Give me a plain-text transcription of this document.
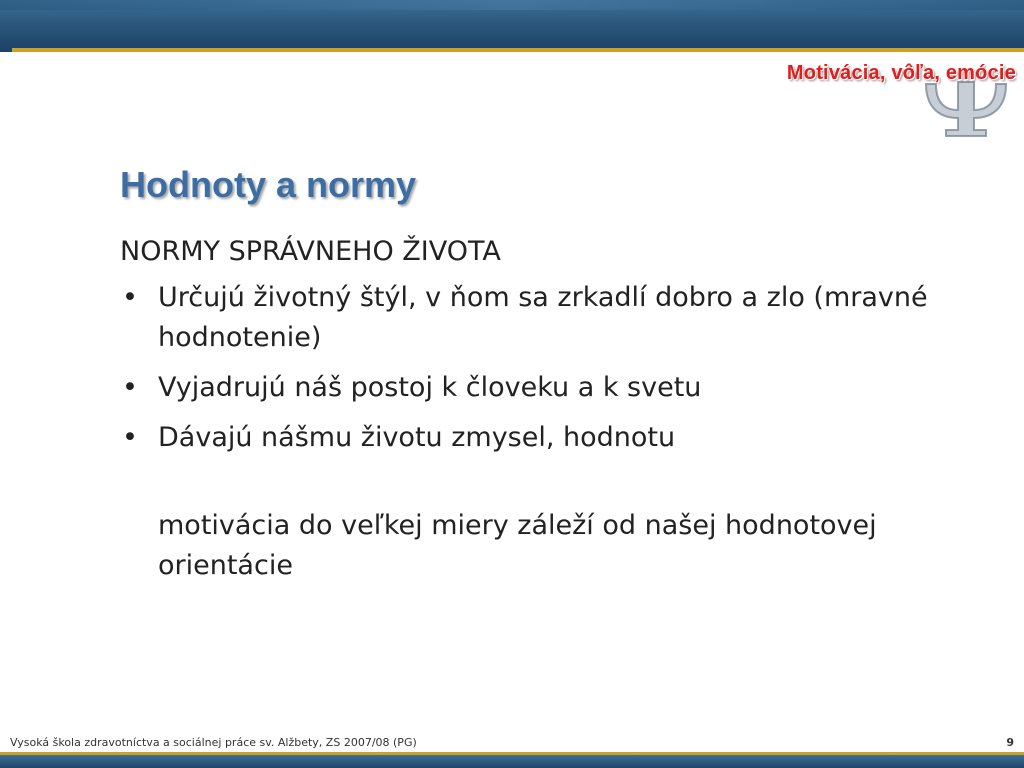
Motivácia, vôľa, emócie
Hodnoty a normy
NORMY SPRÁVNEHO ŽIVOTA
• Určujú životný štýl, v ňom sa zrkadlí dobro a zlo (mravné hodnotenie)
• Vyjadrujú náš postoj k človeku a k svetu
• Dávajú nášmu životu zmysel, hodnotu
motivácia do veľkej miery záleží od našej hodnotovej orientácie
Vysoká škola zdravotníctva a sociálnej práce sv. Alžbety, ZS 2007/08 (PG)	9
